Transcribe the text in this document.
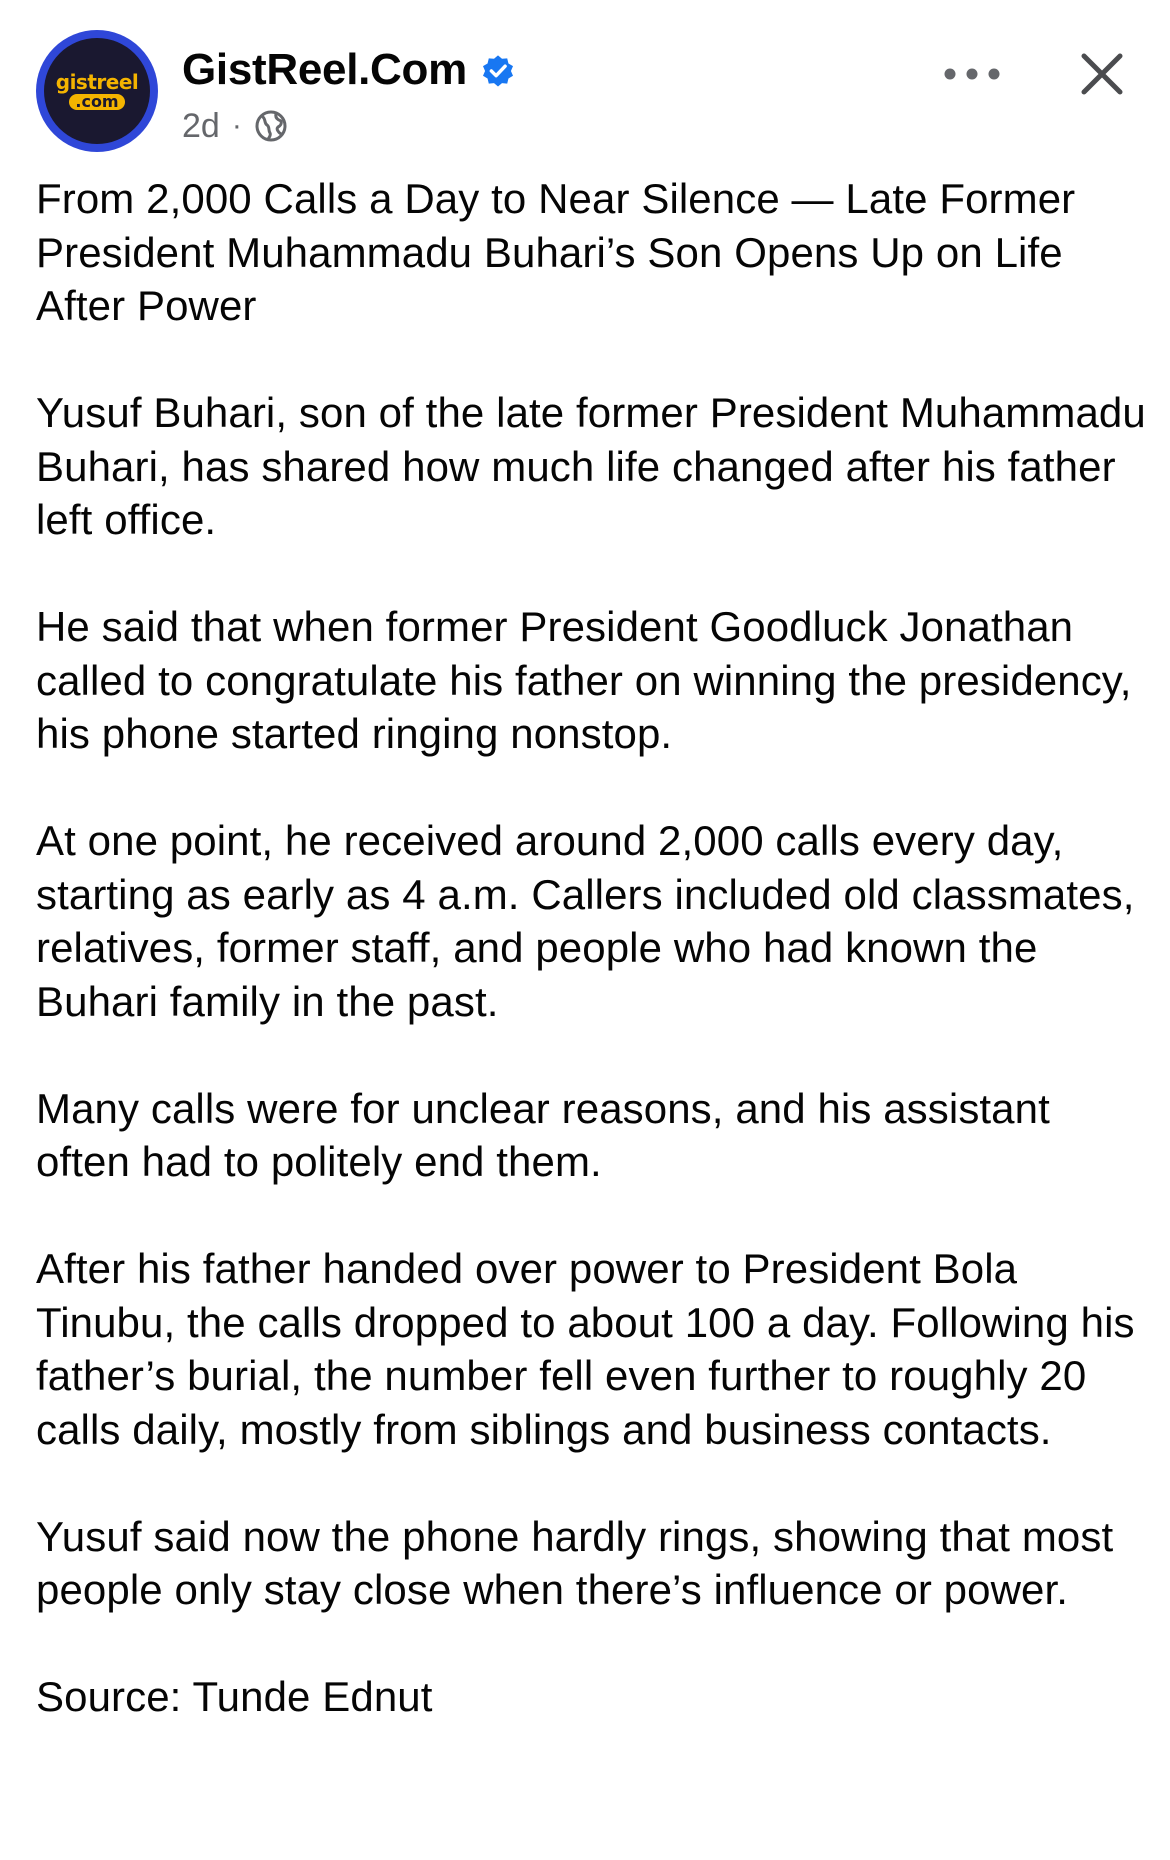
gistreel
.com
GistReel.Com
2d ·

From 2,000 Calls a Day to Near Silence — Late Former President Muhammadu Buhari’s Son Opens Up on Life After Power

Yusuf Buhari, son of the late former President Muhammadu Buhari, has shared how much life changed after his father left office.

He said that when former President Goodluck Jonathan called to congratulate his father on winning the presidency, his phone started ringing nonstop.

At one point, he received around 2,000 calls every day, starting as early as 4 a.m. Callers included old classmates, relatives, former staff, and people who had known the Buhari family in the past.

Many calls were for unclear reasons, and his assistant often had to politely end them.

After his father handed over power to President Bola Tinubu, the calls dropped to about 100 a day. Following his father’s burial, the number fell even further to roughly 20 calls daily, mostly from siblings and business contacts.

Yusuf said now the phone hardly rings, showing that most people only stay close when there’s influence or power.

Source: Tunde Ednut
